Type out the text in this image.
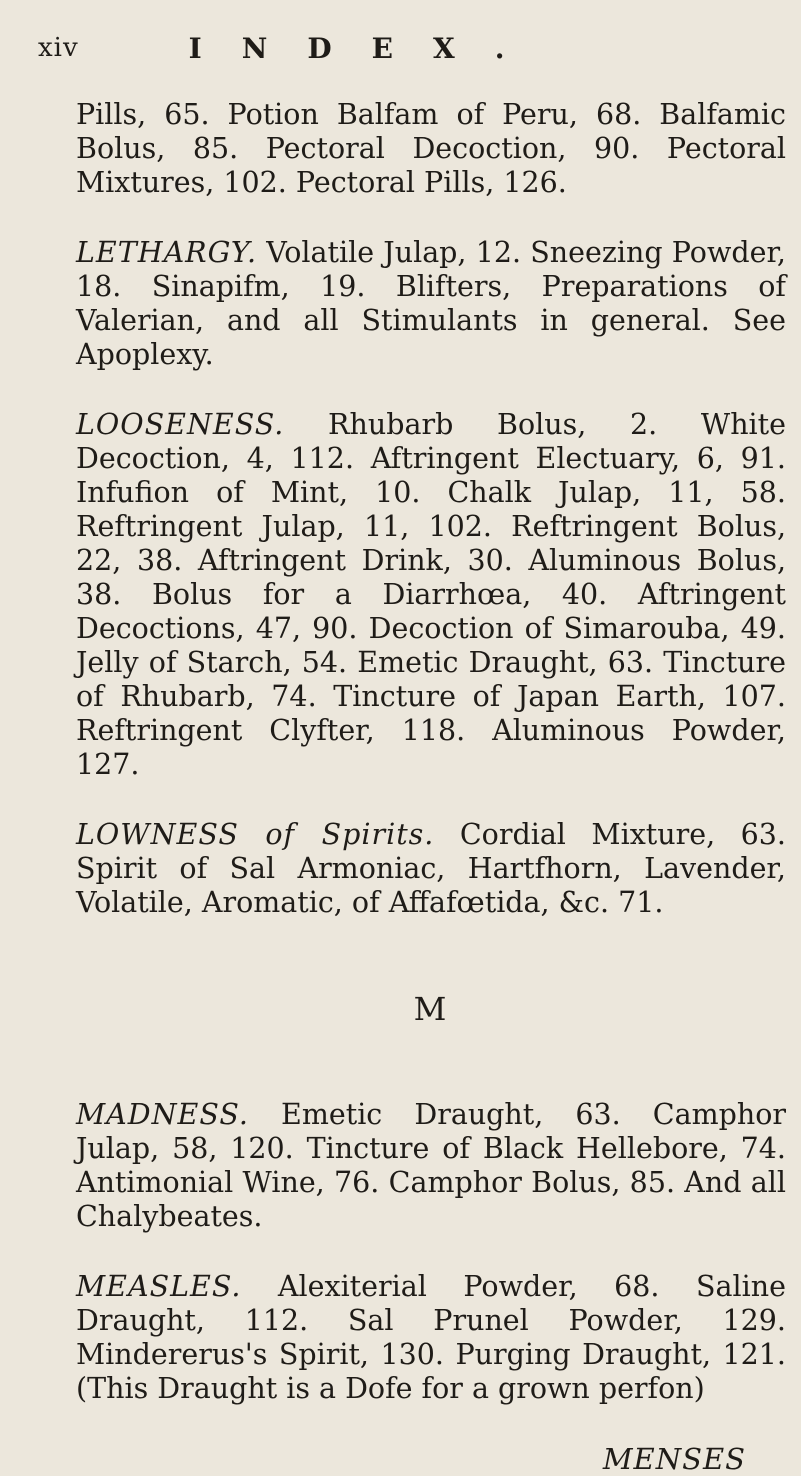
xiv	INDEX.

Pills, 65. Potion Balfam of Peru, 68. Balfamic Bolus, 85. Pectoral Decoction, 90. Pectoral Mixtures, 102. Pectoral Pills, 126.

LETHARGY. Volatile Julap, 12. Sneezing Powder, 18. Sinapifm, 19. Blifters, Preparations of Valerian, and all Stimulants in general. See Apoplexy.

LOOSENESS. Rhubarb Bolus, 2. White Decoction, 4, 112. Aftringent Electuary, 6, 91. Infufion of Mint, 10. Chalk Julap, 11, 58. Reftringent Julap, 11, 102. Reftringent Bolus, 22, 38. Aftringent Drink, 30. Aluminous Bolus, 38. Bolus for a Diarrhœa, 40. Aftringent Decoctions, 47, 90. Decoction of Simarouba, 49. Jelly of Starch, 54. Emetic Draught, 63. Tincture of Rhubarb, 74. Tincture of Japan Earth, 107. Reftringent Clyfter, 118. Aluminous Powder, 127.

LOWNESS of Spirits. Cordial Mixture, 63. Spirit of Sal Armoniac, Hartfhorn, Lavender, Volatile, Aromatic, of Affafœtida, &c. 71.

M

MADNESS. Emetic Draught, 63. Camphor Julap, 58, 120. Tincture of Black Hellebore, 74. Antimonial Wine, 76. Camphor Bolus, 85. And all Chalybeates.

MEASLES. Alexiterial Powder, 68. Saline Draught, 112. Sal Prunel Powder, 129. Mindererus's Spirit, 130. Purging Draught, 121. (This Draught is a Dofe for a grown perfon)

MENSES
